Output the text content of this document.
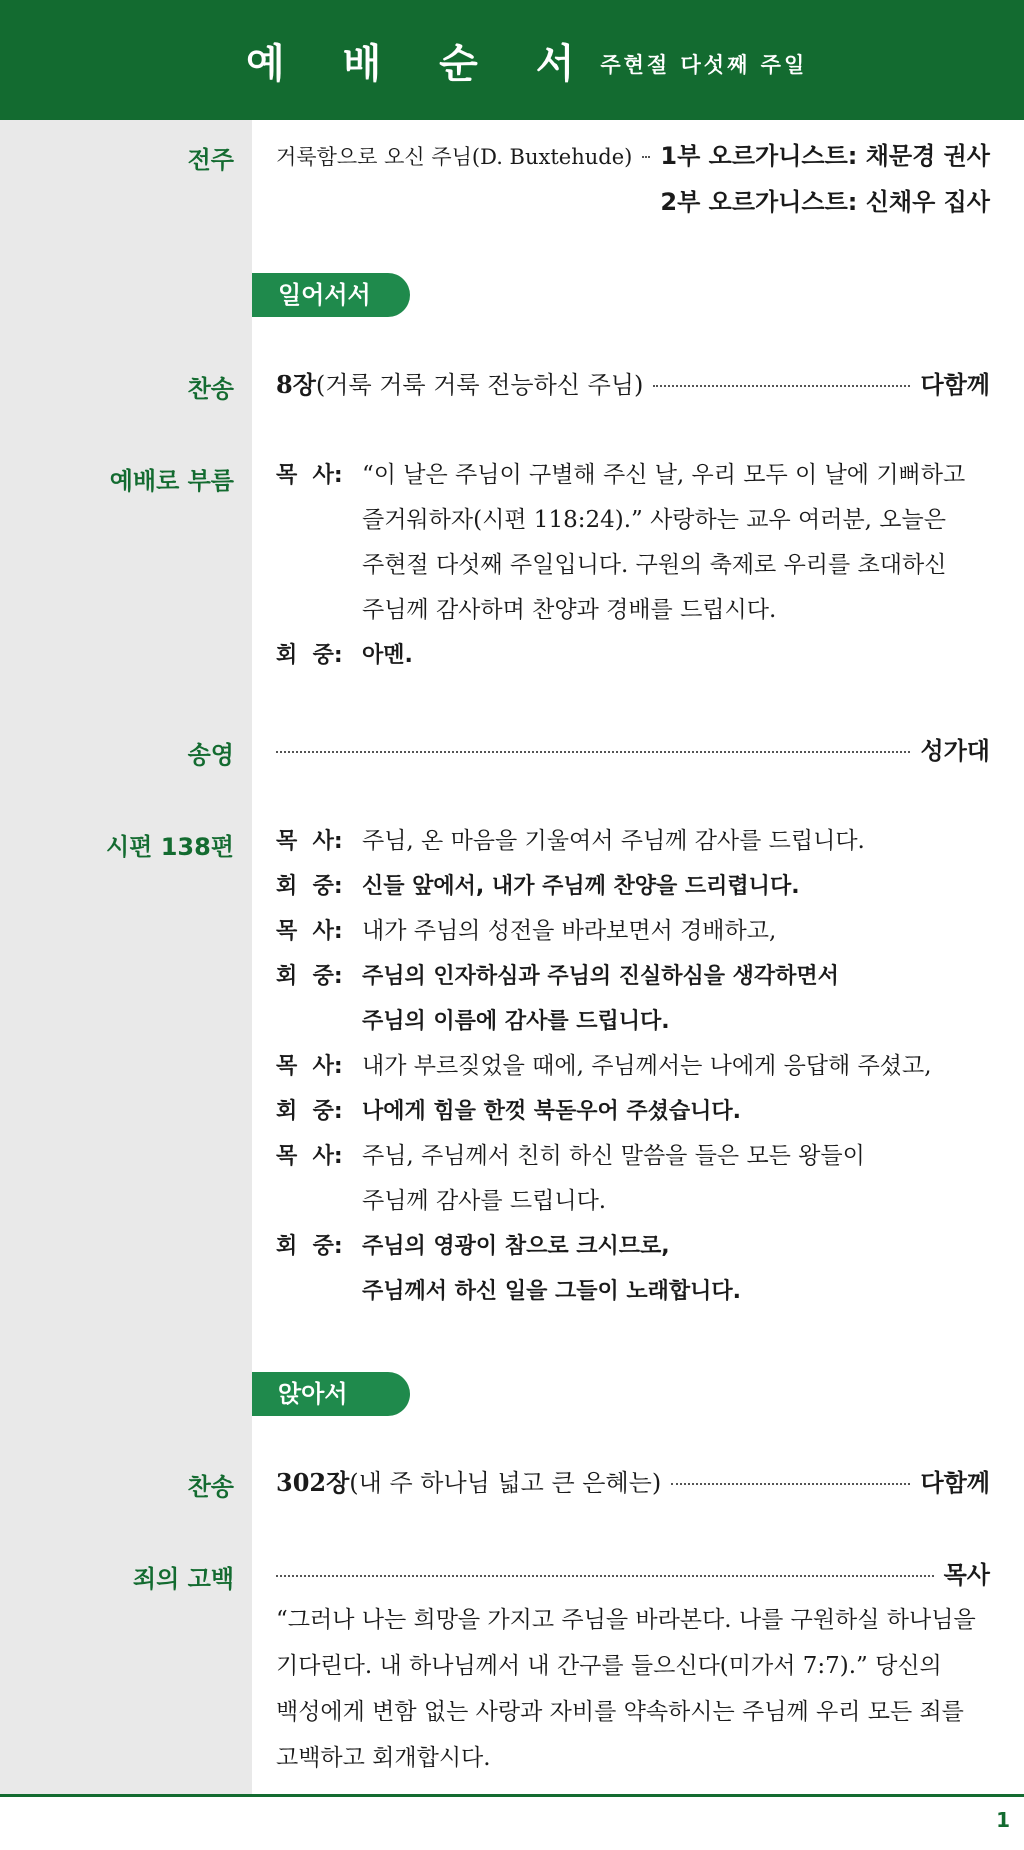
예 배 순 서 주현절 다섯째 주일
전주 거룩함으로 오신 주님(D. Buxtehude) 1부 오르가니스트: 채문경 권사
2부 오르가니스트: 신채우 집사
일어서서
찬송 8장 (거룩 거룩 거룩 전능하신 주님)	다함께
예배로 부름 목  사: “이 날은 주님이 구별해 주신 날, 우리 모두 이 날에 기뻐하고
즐거워하자(시편 118:24).” 사랑하는 교우 여러분, 오늘은
주현절 다섯째 주일입니다. 구원의 축제로 우리를 초대하신
주님께 감사하며 찬양과 경배를 드립시다.
회  중: 아멘.
송영	성가대
시편 138편 목  사: 주님, 온 마음을 기울여서 주님께 감사를 드립니다.
회  중: 신들 앞에서, 내가 주님께 찬양을 드리렵니다.
목  사: 내가 주님의 성전을 바라보면서 경배하고,
회  중: 주님의 인자하심과 주님의 진실하심을 생각하면서
주님의 이름에 감사를 드립니다.
목  사: 내가 부르짖었을 때에, 주님께서는 나에게 응답해 주셨고,
회  중: 나에게 힘을 한껏 북돋우어 주셨습니다.
목  사: 주님, 주님께서 친히 하신 말씀을 들은 모든 왕들이
주님께 감사를 드립니다.
회  중: 주님의 영광이 참으로 크시므로,
주님께서 하신 일을 그들이 노래합니다.
앉아서
찬송 302장 (내 주 하나님 넓고 큰 은혜는)	다함께
죄의 고백	목사
“그러나 나는 희망을 가지고 주님을 바라본다. 나를 구원하실 하나님을
기다린다. 내 하나님께서 내 간구를 들으신다(미가서 7:7).” 당신의
백성에게 변함 없는 사랑과 자비를 약속하시는 주님께 우리 모든 죄를
고백하고 회개합시다.
1
